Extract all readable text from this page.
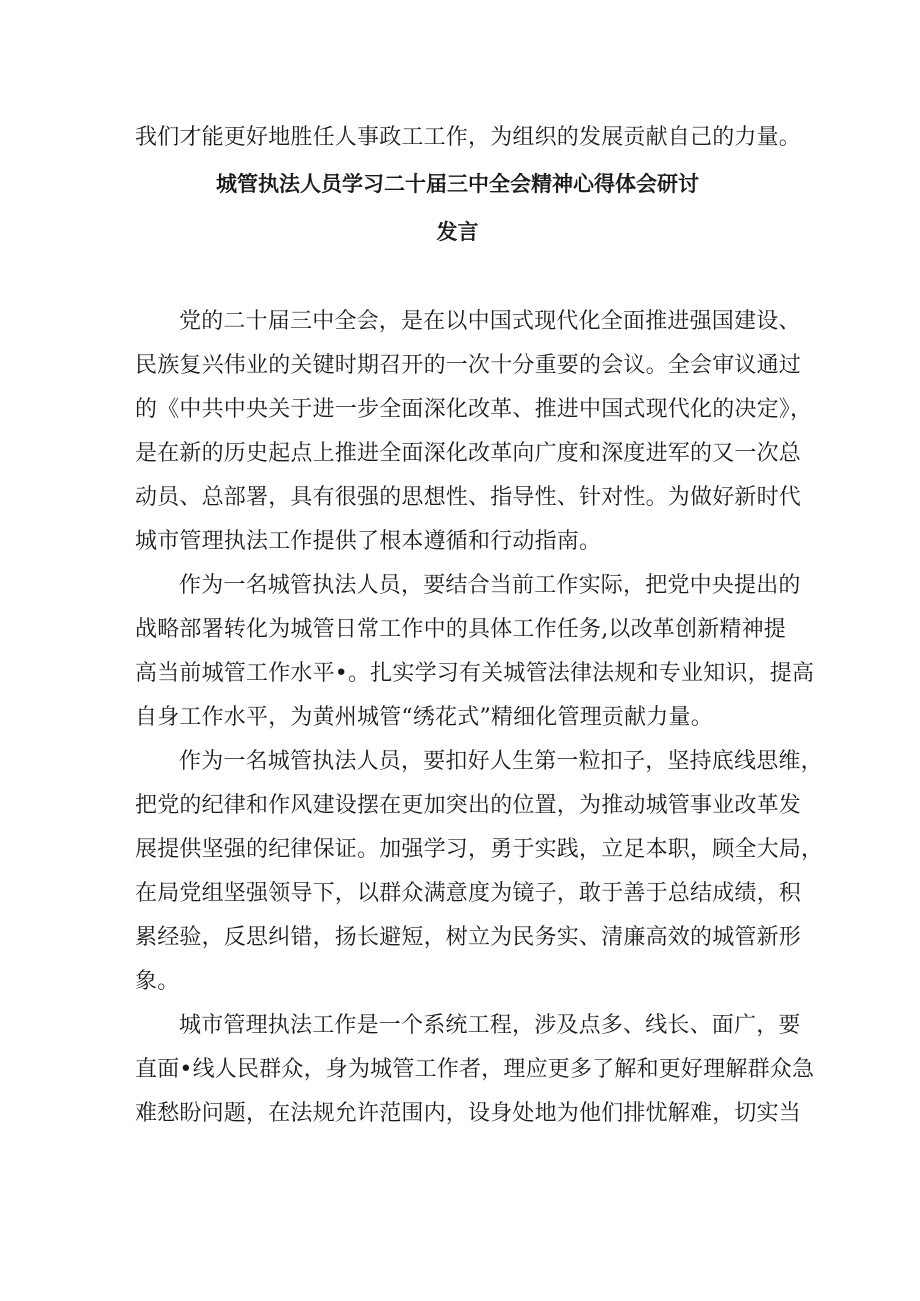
我们才能更好地胜任人事政工工作，为组织的发展贡献自己的力量。
城管执法人员学习二十届三中全会精神心得体会研讨
发言
党的二十届三中全会，是在以中国式现代化全面推进强国建设、
民族复兴伟业的关键时期召开的一次十分重要的会议。全会审议通过
的《中共中央关于进一步全面深化改革、推进中国式现代化的决定》，
是在新的历史起点上推进全面深化改革向广度和深度进军的又一次总
动员、总部署，具有很强的思想性、指导性、针对性。为做好新时代
城市管理执法工作提供了根本遵循和行动指南。
作为一名城管执法人员，要结合当前工作实际，把党中央提出的
战略部署转化为城管日常工作中的具体工作任务,以改革创新精神提
高当前城管工作水平•。扎实学习有关城管法律法规和专业知识，提高
自身工作水平，为黄州城管“绣花式”精细化管理贡献力量。
作为一名城管执法人员，要扣好人生第一粒扣子，坚持底线思维，
把党的纪律和作风建设摆在更加突出的位置，为推动城管事业改革发
展提供坚强的纪律保证。加强学习，勇于实践，立足本职，顾全大局，
在局党组坚强领导下，以群众满意度为镜子，敢于善于总结成绩，积
累经验，反思纠错，扬长避短，树立为民务实、清廉高效的城管新形
象。
城市管理执法工作是一个系统工程，涉及点多、线长、面广，要
直面•线人民群众，身为城管工作者，理应更多了解和更好理解群众急
难愁盼问题，在法规允许范围内，设身处地为他们排忧解难，切实当
